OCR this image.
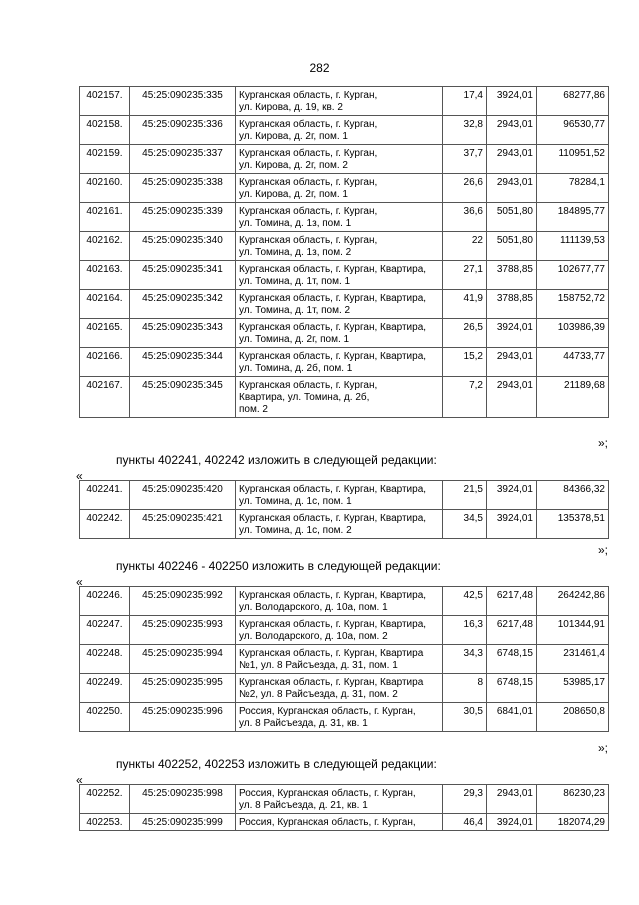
282
402157.	45:25:090235:335	Курганская область, г. Курган,
ул. Кирова, д. 19, кв. 2	17,4	3924,01	68277,86
402158.	45:25:090235:336	Курганская область, г. Курган,
ул. Кирова, д. 2г, пом. 1	32,8	2943,01	96530,77
402159.	45:25:090235:337	Курганская область, г. Курган,
ул. Кирова, д. 2г, пом. 2	37,7	2943,01	110951,52
402160.	45:25:090235:338	Курганская область, г. Курган,
ул. Кирова, д. 2г, пом. 1	26,6	2943,01	78284,1
402161.	45:25:090235:339	Курганская область, г. Курган,
ул. Томина, д. 1з, пом. 1	36,6	5051,80	184895,77
402162.	45:25:090235:340	Курганская область, г. Курган,
ул. Томина, д. 1з, пом. 2	22	5051,80	111139,53
402163.	45:25:090235:341	Курганская область, г. Курган, Квартира,
ул. Томина, д. 1т, пом. 1	27,1	3788,85	102677,77
402164.	45:25:090235:342	Курганская область, г. Курган, Квартира,
ул. Томина, д. 1т, пом. 2	41,9	3788,85	158752,72
402165.	45:25:090235:343	Курганская область, г. Курган, Квартира,
ул. Томина, д. 2г, пом. 1	26,5	3924,01	103986,39
402166.	45:25:090235:344	Курганская область, г. Курган, Квартира,
ул. Томина, д. 2б, пом. 1	15,2	2943,01	44733,77
402167.	45:25:090235:345	Курганская область, г. Курган,
Квартира, ул. Томина, д. 2б,
пом. 2	7,2	2943,01	21189,68
»;
пункты 402241, 402242 изложить в следующей редакции:
«
402241.	45:25:090235:420	Курганская область, г. Курган, Квартира,
ул. Томина, д. 1с, пом. 1	21,5	3924,01	84366,32
402242.	45:25:090235:421	Курганская область, г. Курган, Квартира,
ул. Томина, д. 1с, пом. 2	34,5	3924,01	135378,51
»;
пункты 402246 - 402250 изложить в следующей редакции:
«
402246.	45:25:090235:992	Курганская область, г. Курган, Квартира,
ул. Володарского, д. 10а, пом. 1	42,5	6217,48	264242,86
402247.	45:25:090235:993	Курганская область, г. Курган, Квартира,
ул. Володарского, д. 10а, пом. 2	16,3	6217,48	101344,91
402248.	45:25:090235:994	Курганская область, г. Курган, Квартира
№1, ул. 8 Райсъезда, д. 31, пом. 1	34,3	6748,15	231461,4
402249.	45:25:090235:995	Курганская область, г. Курган, Квартира
№2, ул. 8 Райсъезда, д. 31, пом. 2	8	6748,15	53985,17
402250.	45:25:090235:996	Россия, Курганская область, г. Курган,
ул. 8 Райсъезда, д. 31, кв. 1	30,5	6841,01	208650,8
»;
пункты 402252, 402253 изложить в следующей редакции:
«
402252.	45:25:090235:998	Россия, Курганская область, г. Курган,
ул. 8 Райсъезда, д. 21, кв. 1	29,3	2943,01	86230,23
402253.	45:25:090235:999	Россия, Курганская область, г. Курган,	46,4	3924,01	182074,29
